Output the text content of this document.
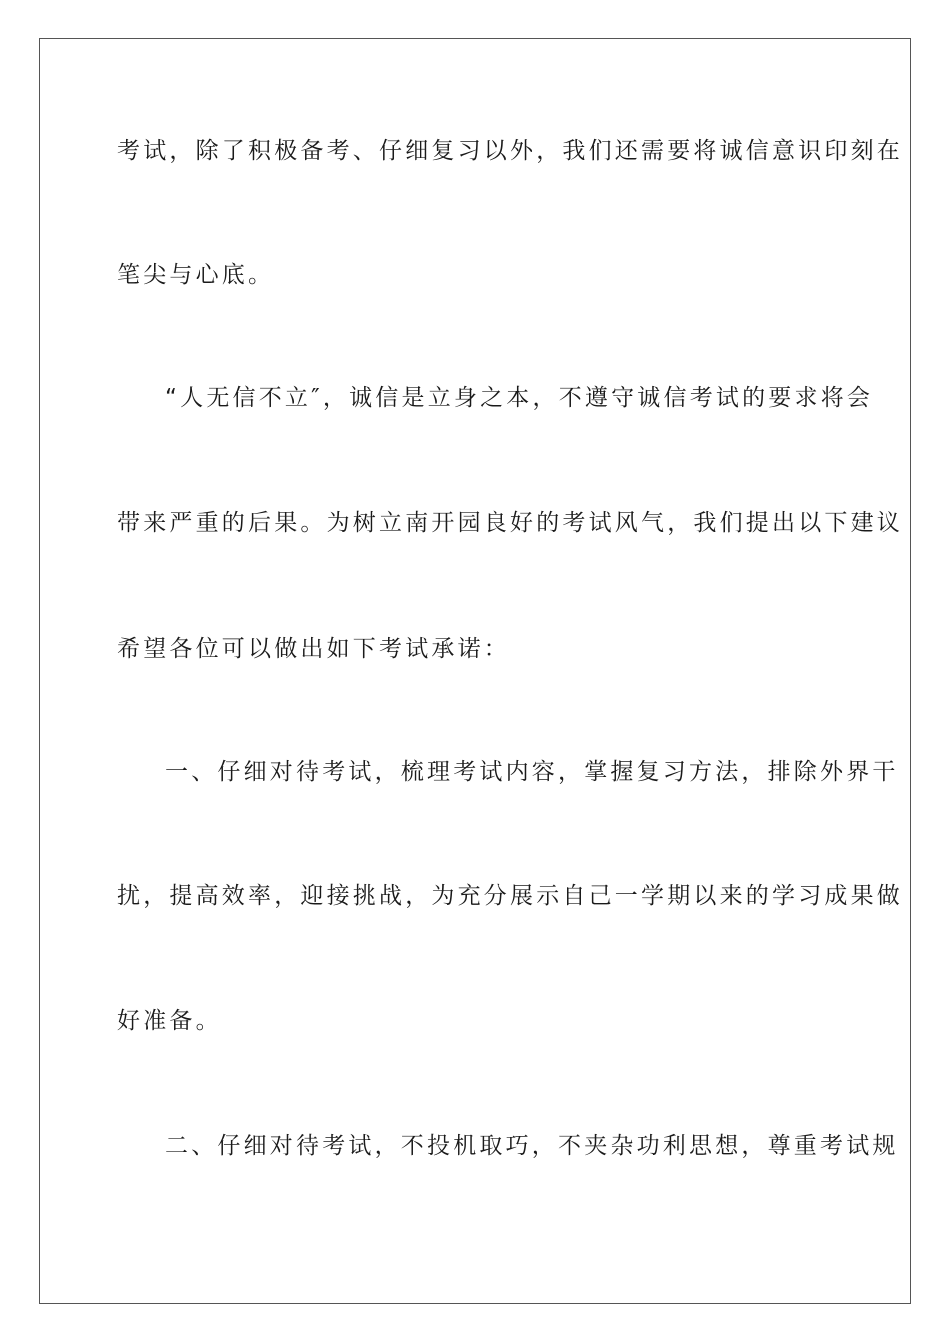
考试，除了积极备考、仔细复习以外，我们还需要将诚信意识印刻在

笔尖与心底。

“人无信不立″，诚信是立身之本，不遵守诚信考试的要求将会

带来严重的后果。为树立南开园良好的考试风气，我们提出以下建议

希望各位可以做出如下考试承诺：

一、仔细对待考试，梳理考试内容，掌握复习方法，排除外界干

扰，提高效率，迎接挑战，为充分展示自己一学期以来的学习成果做

好准备。

二、仔细对待考试，不投机取巧，不夹杂功利思想，尊重考试规
